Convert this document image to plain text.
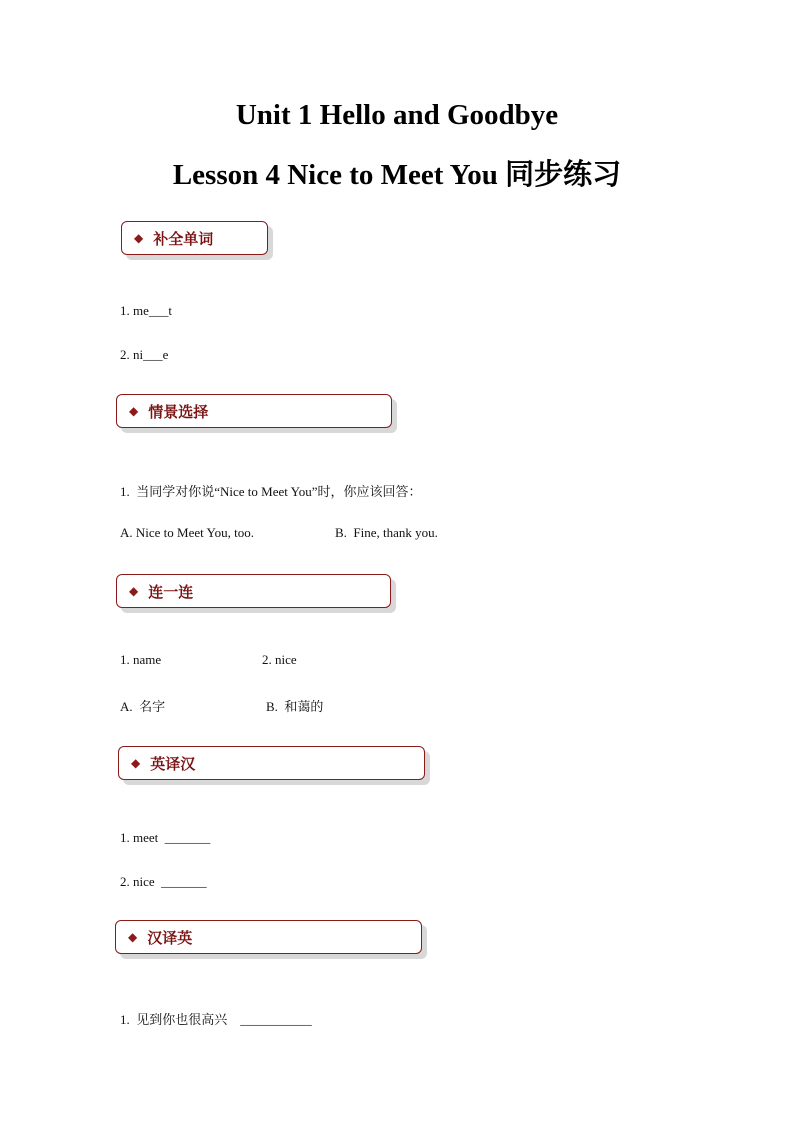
Unit 1 Hello and Goodbye
Lesson 4 Nice to Meet You 同步练习
◆ 补全单词
1. me___t
2. ni___e
◆ 情景选择
1.  当同学对你说“Nice to Meet You”时，你应该回答：
A. Nice to Meet You, too.	B.  Fine, thank you.
◆ 连一连
1. name	2. nice
A.  名字	B.  和蔼的
◆ 英译汉
1. meet  _______
2. nice  _______
◆ 汉译英
1.  见到你也很高兴    ___________
